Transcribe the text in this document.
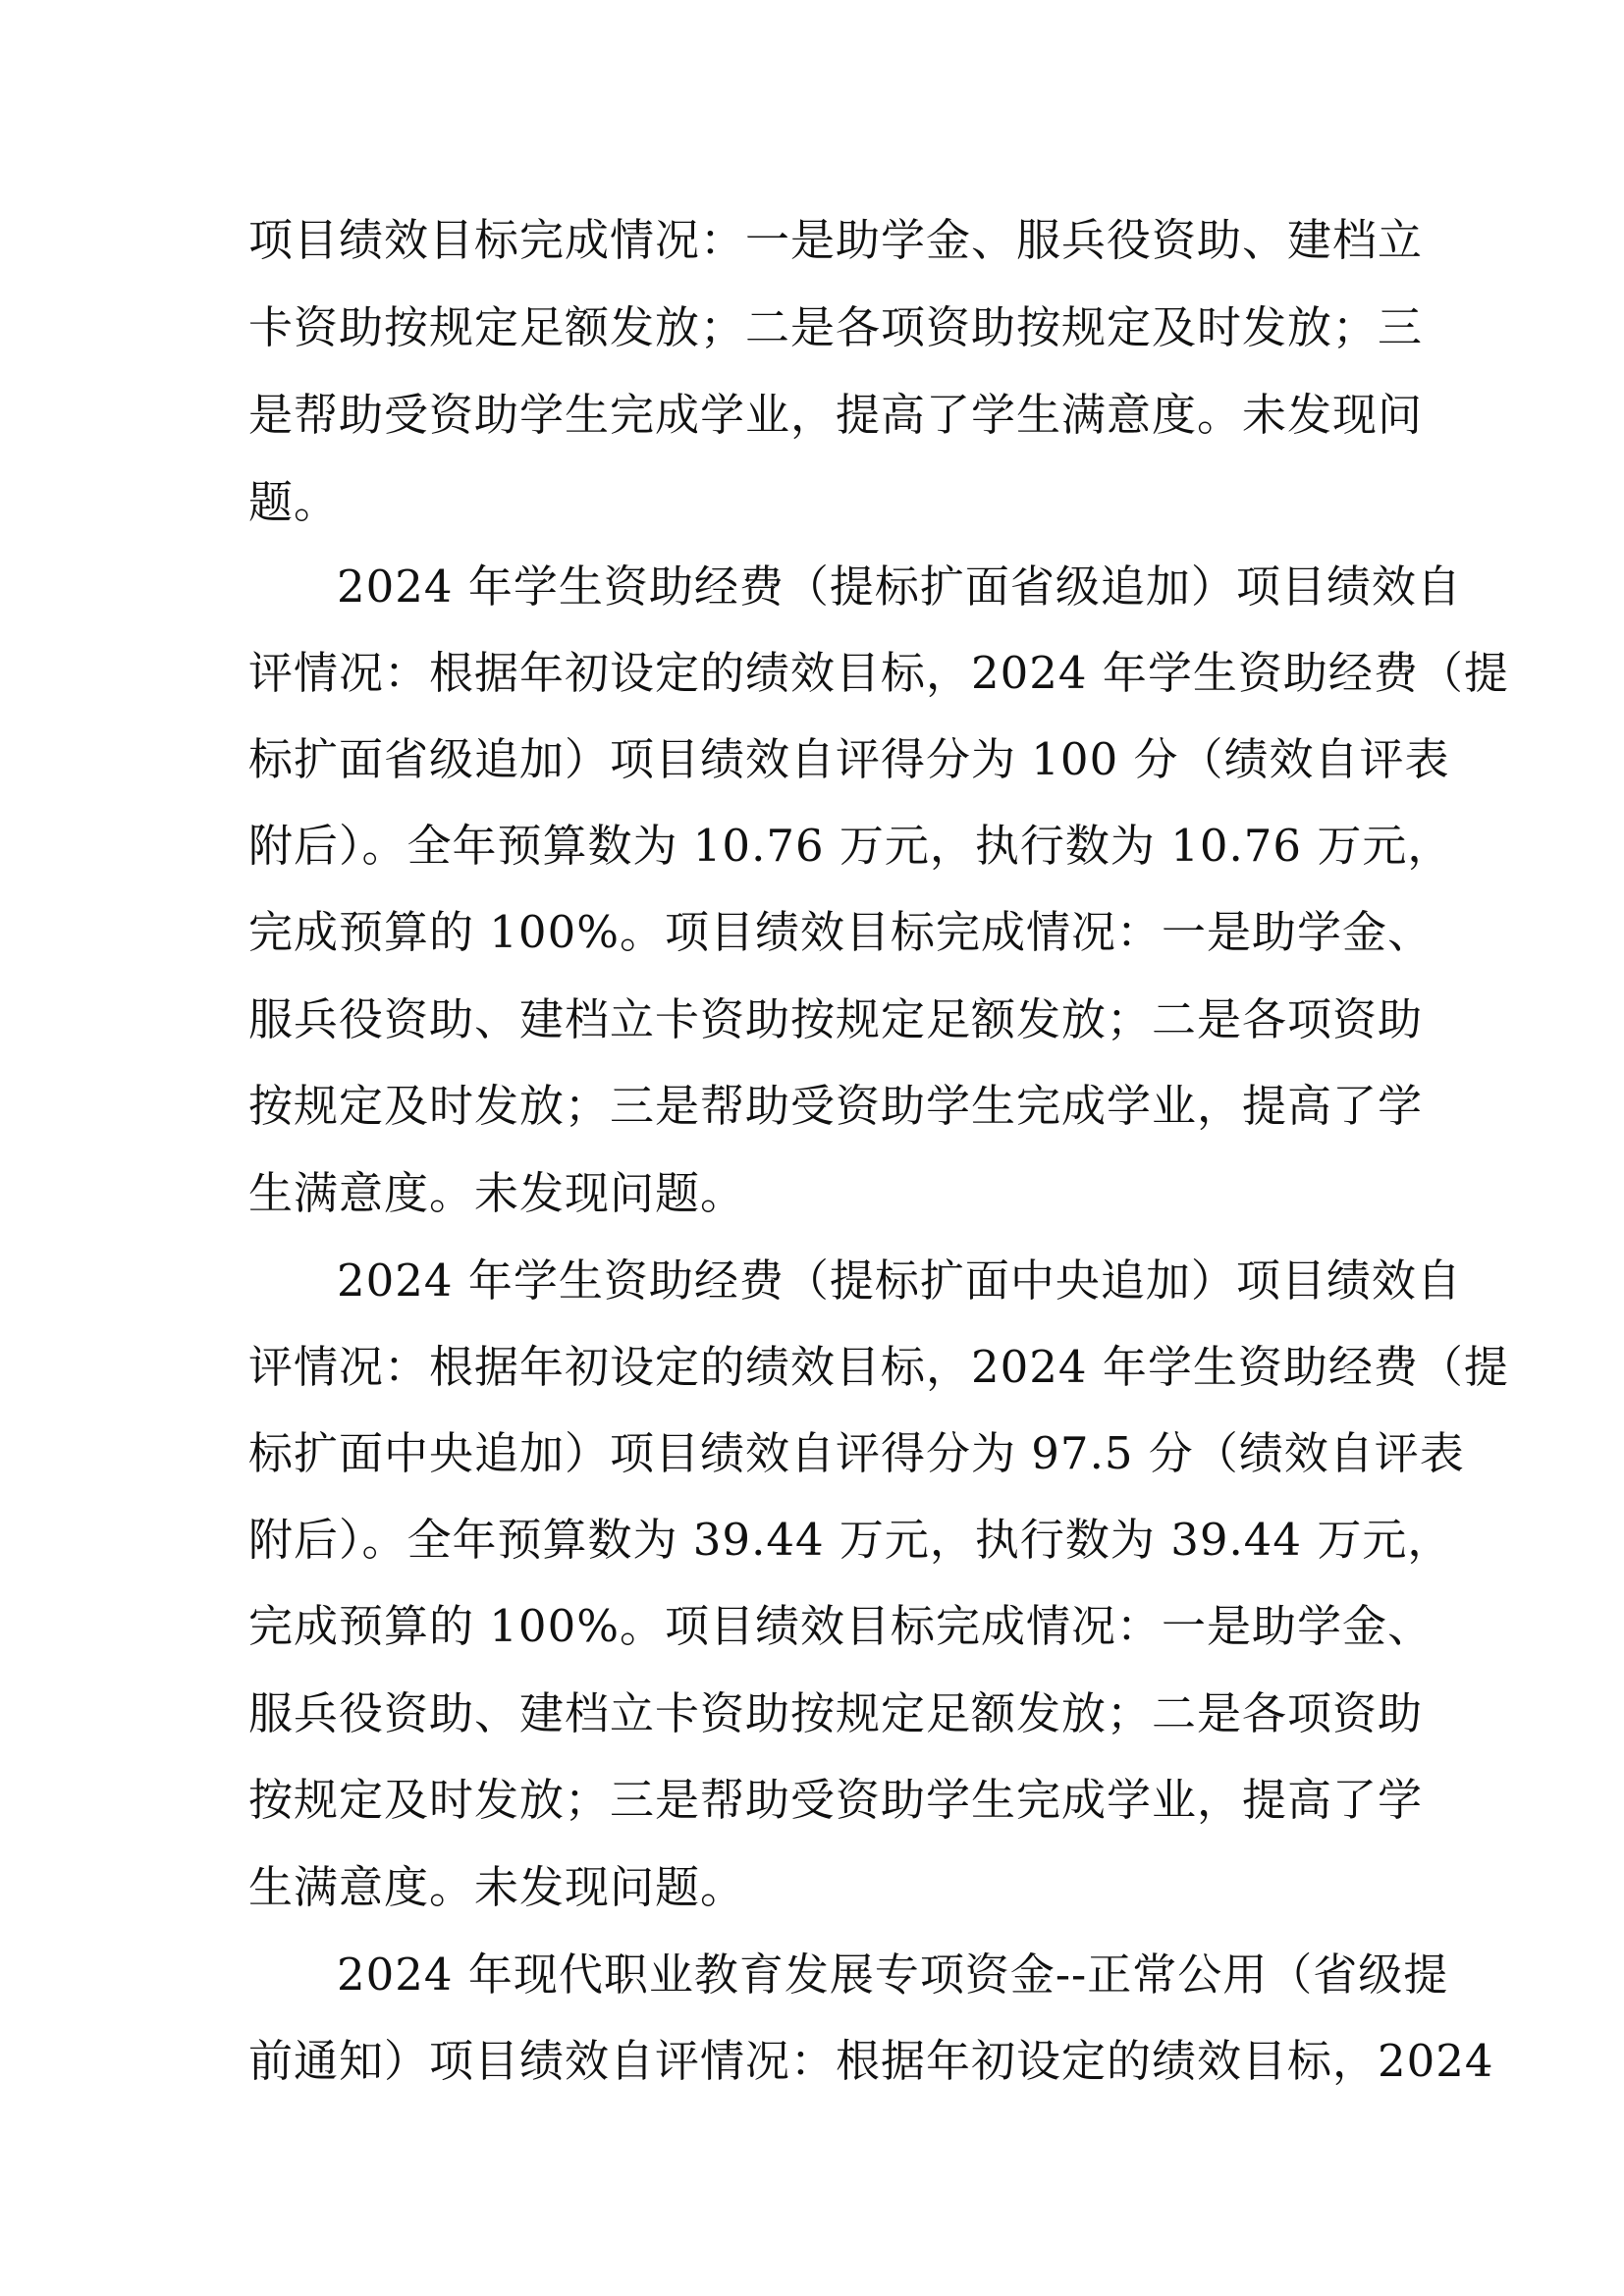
项目绩效目标完成情况：一是助学金、服兵役资助、建档立
卡资助按规定足额发放；二是各项资助按规定及时发放；三
是帮助受资助学生完成学业，提高了学生满意度。未发现问
题。
2024 年学生资助经费（提标扩面省级追加）项目绩效自
评情况：根据年初设定的绩效目标，2024 年学生资助经费（提
标扩面省级追加）项目绩效自评得分为 100 分（绩效自评表
附后）。全年预算数为 10.76 万元，执行数为 10.76 万元，
完成预算的 100%。项目绩效目标完成情况：一是助学金、
服兵役资助、建档立卡资助按规定足额发放；二是各项资助
按规定及时发放；三是帮助受资助学生完成学业，提高了学
生满意度。未发现问题。
2024 年学生资助经费（提标扩面中央追加）项目绩效自
评情况：根据年初设定的绩效目标，2024 年学生资助经费（提
标扩面中央追加）项目绩效自评得分为 97.5 分（绩效自评表
附后）。全年预算数为 39.44 万元，执行数为 39.44 万元，
完成预算的 100%。项目绩效目标完成情况：一是助学金、
服兵役资助、建档立卡资助按规定足额发放；二是各项资助
按规定及时发放；三是帮助受资助学生完成学业，提高了学
生满意度。未发现问题。
2024 年现代职业教育发展专项资金--正常公用（省级提
前通知）项目绩效自评情况：根据年初设定的绩效目标，2024
